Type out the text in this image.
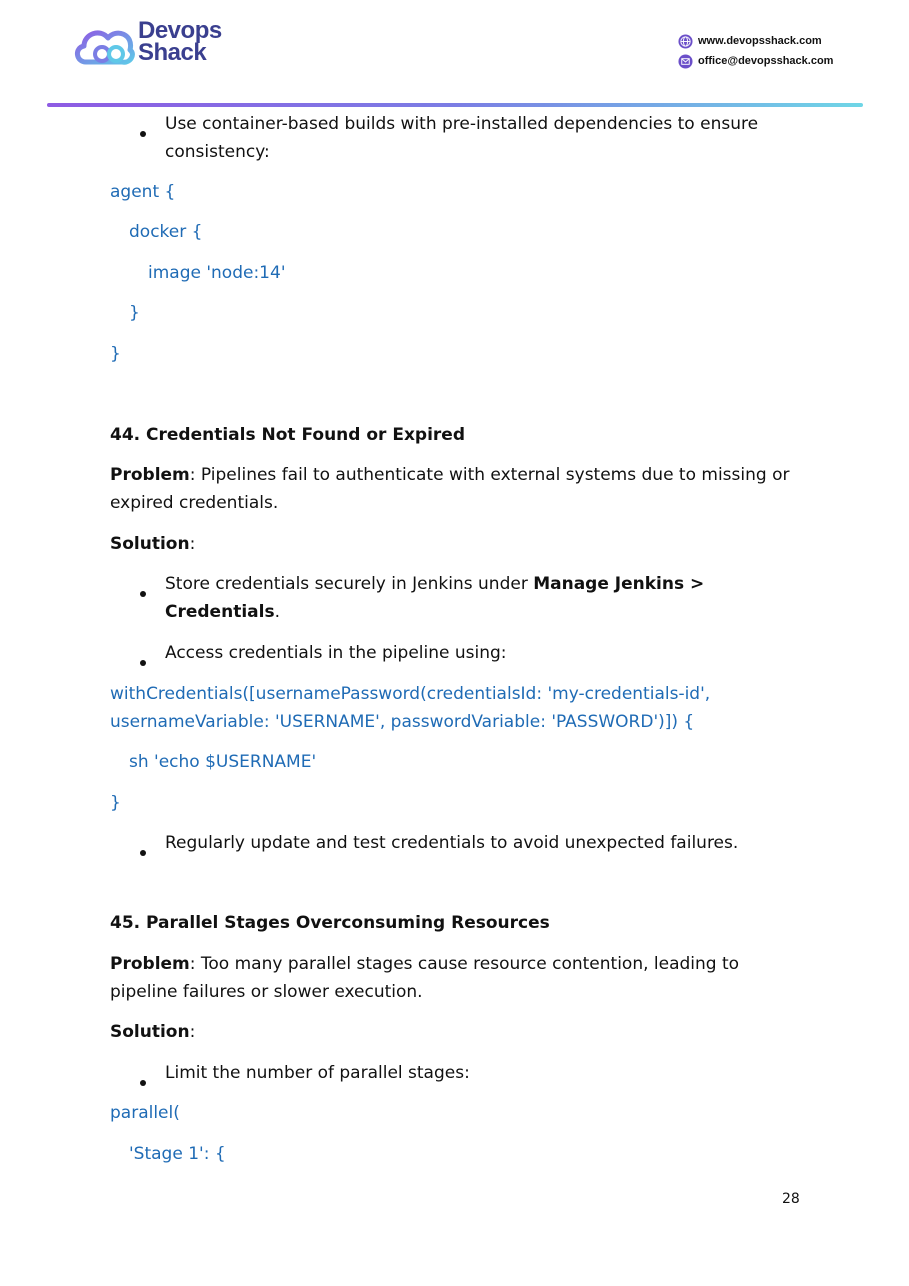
Devops
Shack	www.devopsshack.com
office@devopsshack.com
Use container-based builds with pre-installed dependencies to ensure
consistency:
agent {
docker {
image 'node:14'
}
}
44. Credentials Not Found or Expired
Problem: Pipelines fail to authenticate with external systems due to missing or
expired credentials.
Solution:
Store credentials securely in Jenkins under Manage Jenkins >
Credentials.
Access credentials in the pipeline using:
withCredentials([usernamePassword(credentialsId: 'my-credentials-id',
usernameVariable: 'USERNAME', passwordVariable: 'PASSWORD')]) {
sh 'echo $USERNAME'
}
Regularly update and test credentials to avoid unexpected failures.
45. Parallel Stages Overconsuming Resources
Problem: Too many parallel stages cause resource contention, leading to
pipeline failures or slower execution.
Solution:
Limit the number of parallel stages:
parallel(
'Stage 1': {
28
